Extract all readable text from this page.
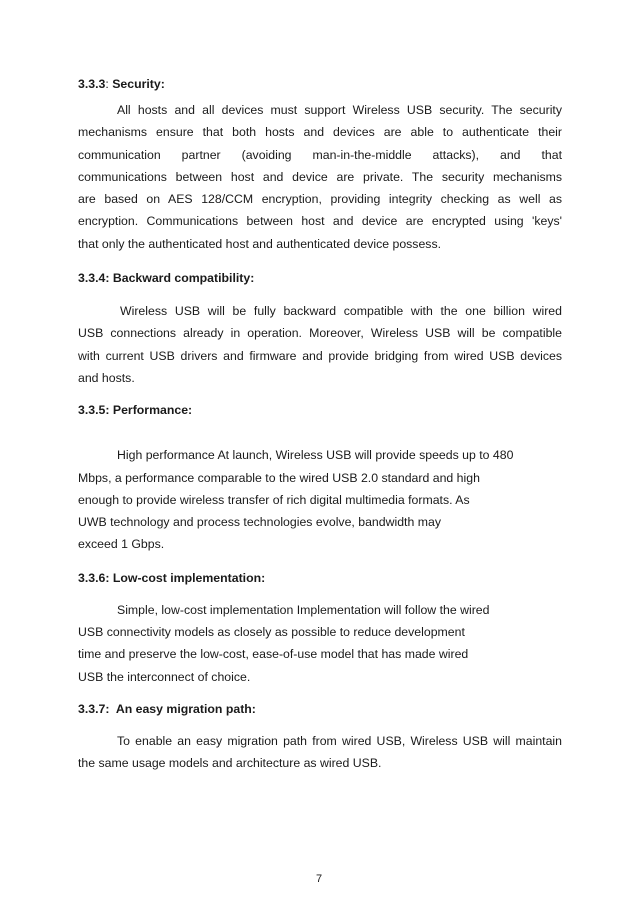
3.3.3: Security:

All hosts and all devices must support Wireless USB security. The security
mechanisms ensure that both hosts and devices are able to authenticate their
communication partner (avoiding man-in-the-middle attacks), and that
communications between host and device are private. The security mechanisms
are based on AES 128/CCM encryption, providing integrity checking as well as
encryption. Communications between host and device are encrypted using 'keys'
that only the authenticated host and authenticated device possess.

3.3.4: Backward compatibility:

Wireless USB will be fully backward compatible with the one billion wired
USB connections already in operation. Moreover, Wireless USB will be compatible
with current USB drivers and firmware and provide bridging from wired USB devices
and hosts.

3.3.5: Performance:

High performance At launch, Wireless USB will provide speeds up to 480
Mbps, a performance comparable to the wired USB 2.0 standard and high
enough to provide wireless transfer of rich digital multimedia formats. As
UWB technology and process technologies evolve, bandwidth may
exceed 1 Gbps.

3.3.6: Low-cost implementation:

Simple, low-cost implementation Implementation will follow the wired
USB connectivity models as closely as possible to reduce development
time and preserve the low-cost, ease-of-use model that has made wired
USB the interconnect of choice.

3.3.7:  An easy migration path:

To enable an easy migration path from wired USB, Wireless USB will maintain
the same usage models and architecture as wired USB.

7
